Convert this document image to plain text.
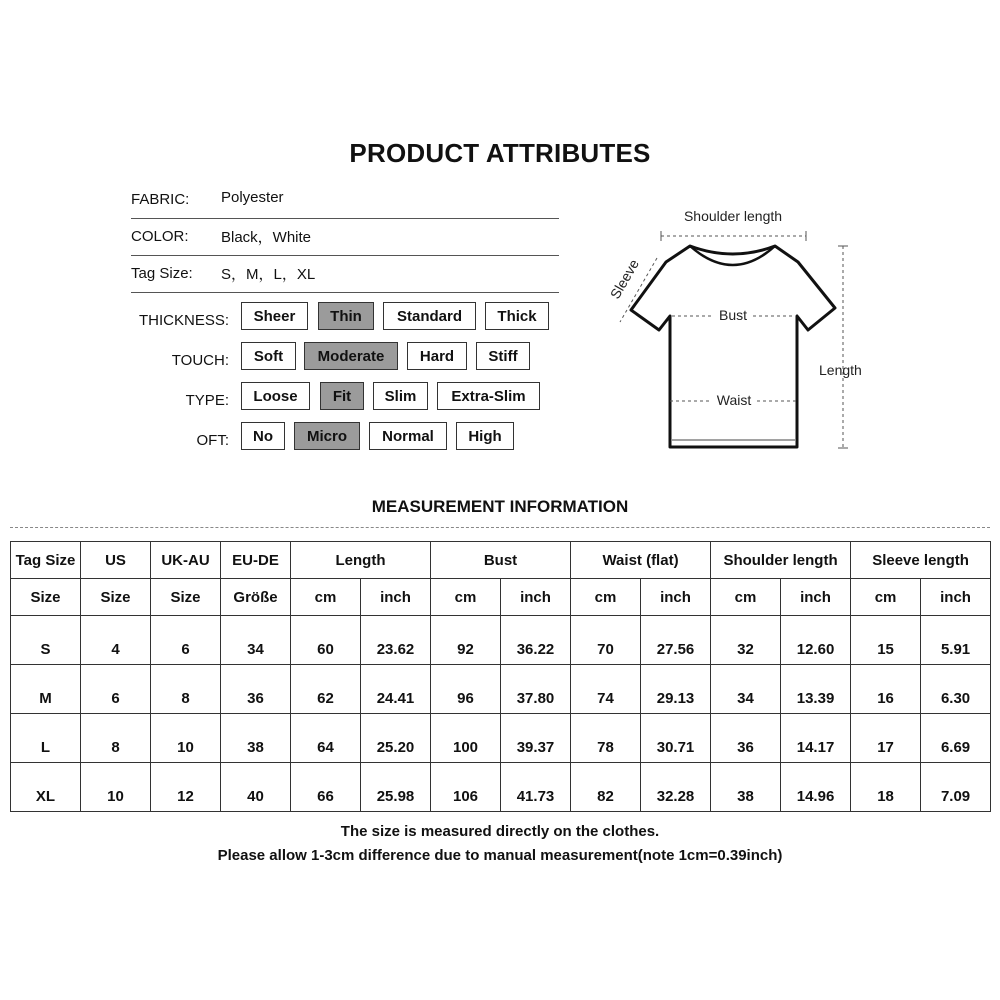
PRODUCT ATTRIBUTES
FABRIC: Polyester
COLOR: Black，White
Tag Size: S，M，L，XL
THICKNESS:	Sheer	Thin	Standard	Thick
TOUCH:	Soft	Moderate	Hard	Stiff
TYPE:	Loose	Fit	Slim	Extra-Slim
OFT:	No	Micro	Normal	High
Shoulder length
Sleeve
Bust
Waist
Length
MEASUREMENT INFORMATION
Tag Size	US	UK-AU	EU-DE	Length		Bust		Waist (flat)		Shoulder length		Sleeve length	
Size	Size	Size	Größe	cm	inch	cm	inch	cm	inch	cm	inch	cm	inch
S	4	6	34	60	23.62	92	36.22	70	27.56	32	12.60	15	5.91
M	6	8	36	62	24.41	96	37.80	74	29.13	34	13.39	16	6.30
L	8	10	38	64	25.20	100	39.37	78	30.71	36	14.17	17	6.69
XL	10	12	40	66	25.98	106	41.73	82	32.28	38	14.96	18	7.09
The size is measured directly on the clothes.
Please allow 1-3cm difference due to manual measurement(note 1cm=0.39inch)
